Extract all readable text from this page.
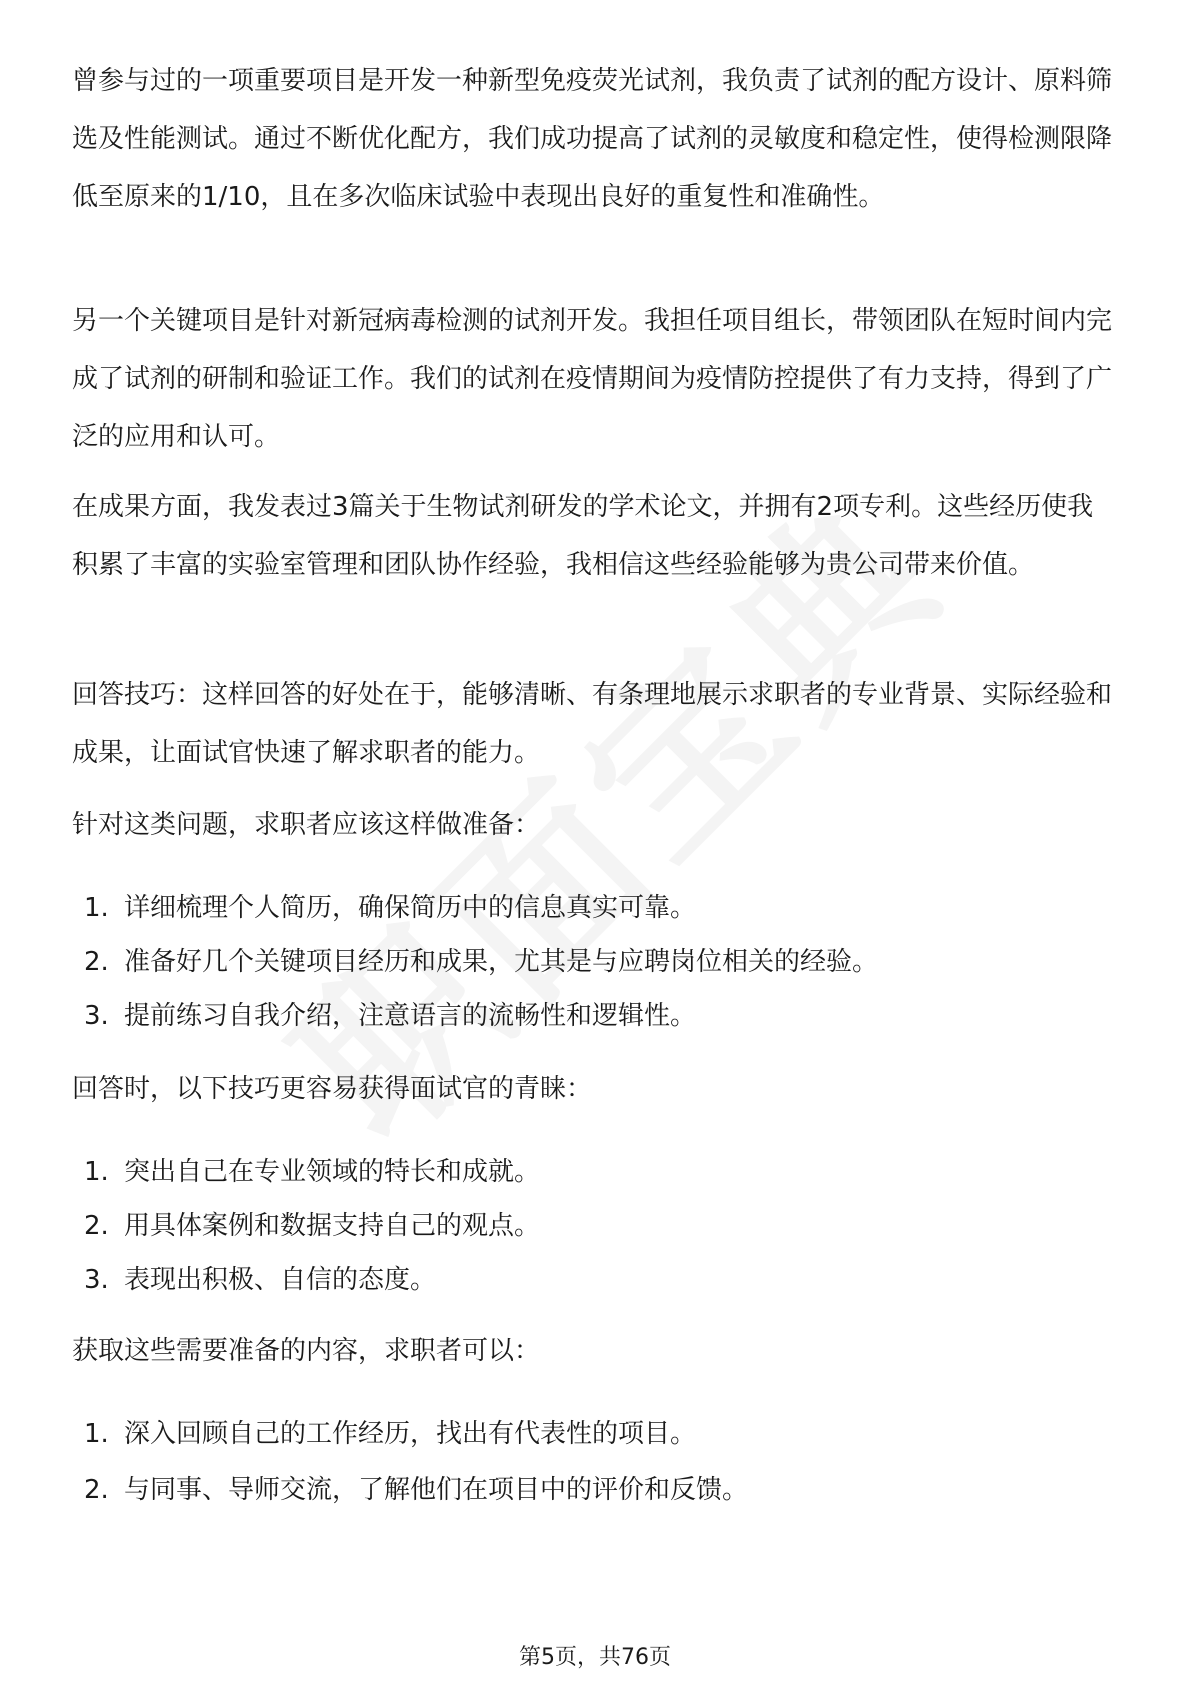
曾参与过的一项重要项目是开发一种新型免疫荧光试剂，我负责了试剂的配方设计、原料筛选及性能测试。通过不断优化配方，我们成功提高了试剂的灵敏度和稳定性，使得检测限降低至原来的1/10，且在多次临床试验中表现出良好的重复性和准确性。

另一个关键项目是针对新冠病毒检测的试剂开发。我担任项目组长，带领团队在短时间内完成了试剂的研制和验证工作。我们的试剂在疫情期间为疫情防控提供了有力支持，得到了广泛的应用和认可。

在成果方面，我发表过3篇关于生物试剂研发的学术论文，并拥有2项专利。这些经历使我积累了丰富的实验室管理和团队协作经验，我相信这些经验能够为贵公司带来价值。

回答技巧：这样回答的好处在于，能够清晰、有条理地展示求职者的专业背景、实际经验和成果，让面试官快速了解求职者的能力。

针对这类问题，求职者应该这样做准备：

1. 详细梳理个人简历，确保简历中的信息真实可靠。
2. 准备好几个关键项目经历和成果，尤其是与应聘岗位相关的经验。
3. 提前练习自我介绍，注意语言的流畅性和逻辑性。

回答时，以下技巧更容易获得面试官的青睐：

1. 突出自己在专业领域的特长和成就。
2. 用具体案例和数据支持自己的观点。
3. 表现出积极、自信的态度。

获取这些需要准备的内容，求职者可以：

1. 深入回顾自己的工作经历，找出有代表性的项目。
2. 与同事、导师交流，了解他们在项目中的评价和反馈。
第5页，共76页
